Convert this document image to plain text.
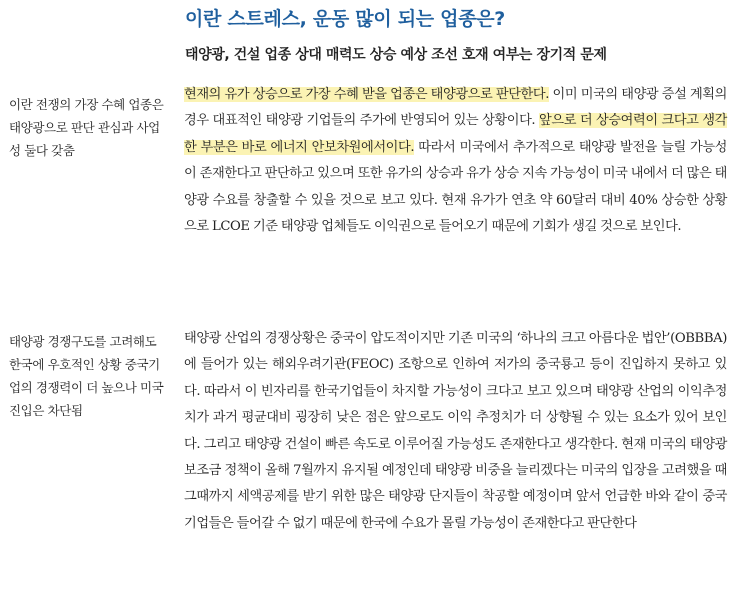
이란 스트레스, 운동 많이 되는 업종은?
태양광, 건설 업종 상대 매력도 상승 예상 조선 호재 여부는 장기적 문제
이란 전쟁의 가장 수혜 업종은 태양광으로 판단 관심과 사업성 둘다 갖춤
태양광 경쟁구도를 고려해도 한국에 우호적인 상황 중국기업의 경쟁력이 더 높으나 미국 진입은 차단됨

현재의 유가 상승으로 가장 수혜 받을 업종은 태양광으로 판단한다. 이미 미국의 태양광 증설 계획의 경우 대표적인 태양광 기업들의 주가에 반영되어 있는 상황이다. 앞으로 더 상승여력이 크다고 생각한 부분은 바로 에너지 안보차원에서이다. 따라서 미국에서 추가적으로 태양광 발전을 늘릴 가능성이 존재한다고 판단하고 있으며 또한 유가의 상승과 유가 상승 지속 가능성이 미국 내에서 더 많은 태양광 수요를 창출할 수 있을 것으로 보고 있다. 현재 유가가 연초 약 60달러 대비 40% 상승한 상황으로 LCOE 기준 태양광 업체들도 이익권으로 들어오기 때문에 기회가 생길 것으로 보인다.

태양광 산업의 경쟁상황은 중국이 압도적이지만 기존 미국의 ‘하나의 크고 아름다운 법안’(OBBBA)에 들어가 있는 해외우려기관(FEOC) 조항으로 인하여 저가의 중국룡고 등이 진입하지 못하고 있다. 따라서 이 빈자리를 한국기업들이 차지할 가능성이 크다고 보고 있으며 태양광 산업의 이익추정치가 과거 평균대비 굉장히 낮은 점은 앞으로도 이익 추정치가 더 상향될 수 있는 요소가 있어 보인다. 그리고 태양광 건설이 빠른 속도로 이루어질 가능성도 존재한다고 생각한다. 현재 미국의 태양광 보조금 정책이 올해 7월까지 유지될 예정인데 태양광 비중을 늘리겠다는 미국의 입장을 고려했을 때 그때까지 세액공제를 받기 위한 많은 태양광 단지들이 착공할 예정이며 앞서 언급한 바와 같이 중국 기업들은 들어갈 수 없기 때문에 한국에 수요가 몰릴 가능성이 존재한다고 판단한다
